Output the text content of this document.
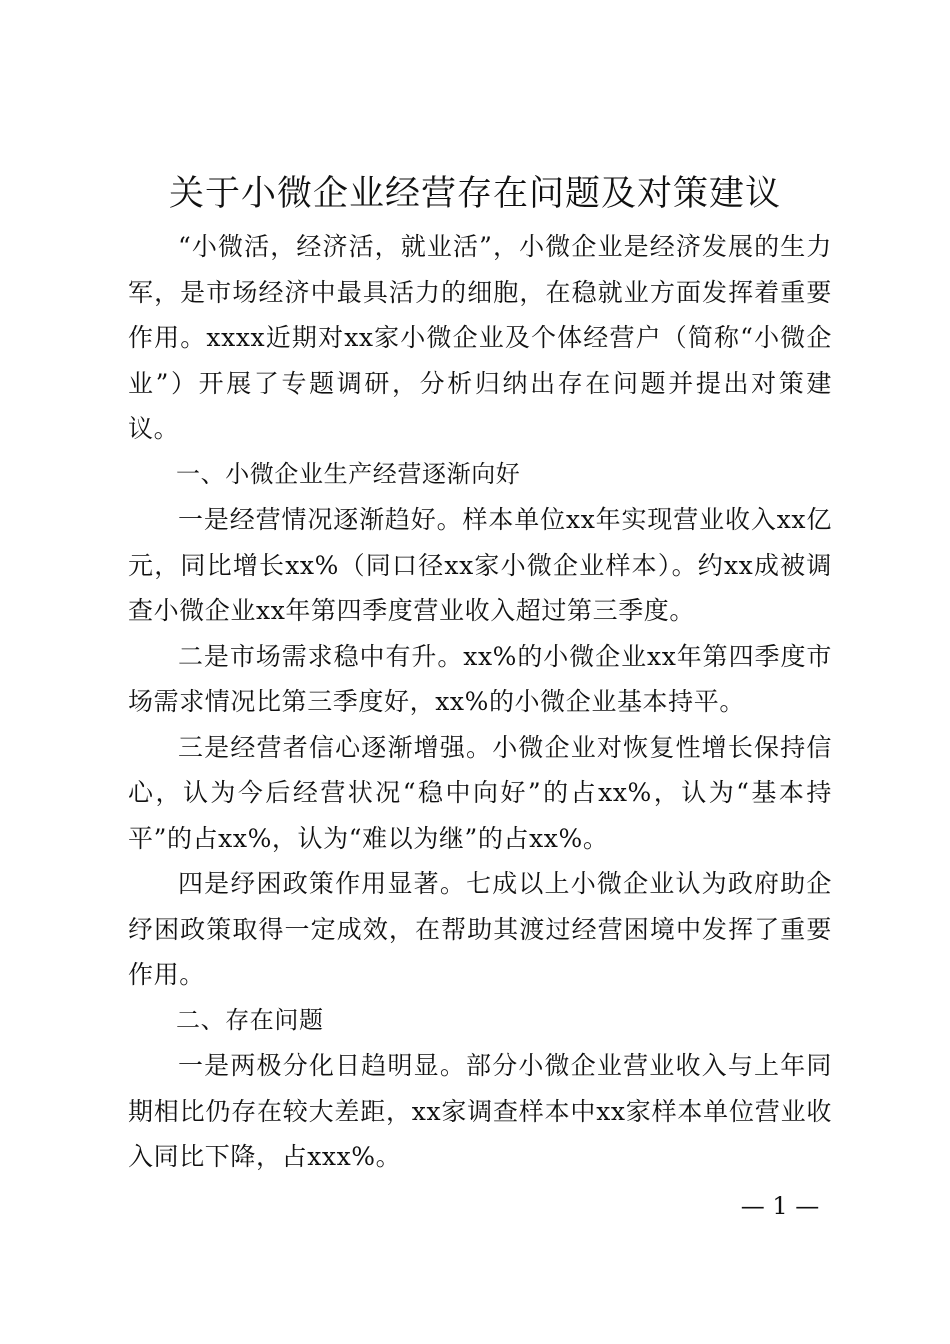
关于小微企业经营存在问题及对策建议

“小微活，经济活，就业活”，小微企业是经济发展的生力军，是市场经济中最具活力的细胞，在稳就业方面发挥着重要作用。xxxx近期对xx家小微企业及个体经营户（简称“小微企业”）开展了专题调研，分析归纳出存在问题并提出对策建议。

一、小微企业生产经营逐渐向好

一是经营情况逐渐趋好。样本单位xx年实现营业收入xx亿元，同比增长xx%（同口径xx家小微企业样本）。约xx成被调查小微企业xx年第四季度营业收入超过第三季度。

二是市场需求稳中有升。xx%的小微企业xx年第四季度市场需求情况比第三季度好，xx%的小微企业基本持平。

三是经营者信心逐渐增强。小微企业对恢复性增长保持信心，认为今后经营状况“稳中向好”的占xx%，认为“基本持平”的占xx%，认为“难以为继”的占xx%。

四是纾困政策作用显著。七成以上小微企业认为政府助企纾困政策取得一定成效，在帮助其渡过经营困境中发挥了重要作用。

二、存在问题

一是两极分化日趋明显。部分小微企业营业收入与上年同期相比仍存在较大差距，xx家调查样本中xx家样本单位营业收入同比下降，占xxx%。

— 1 —
